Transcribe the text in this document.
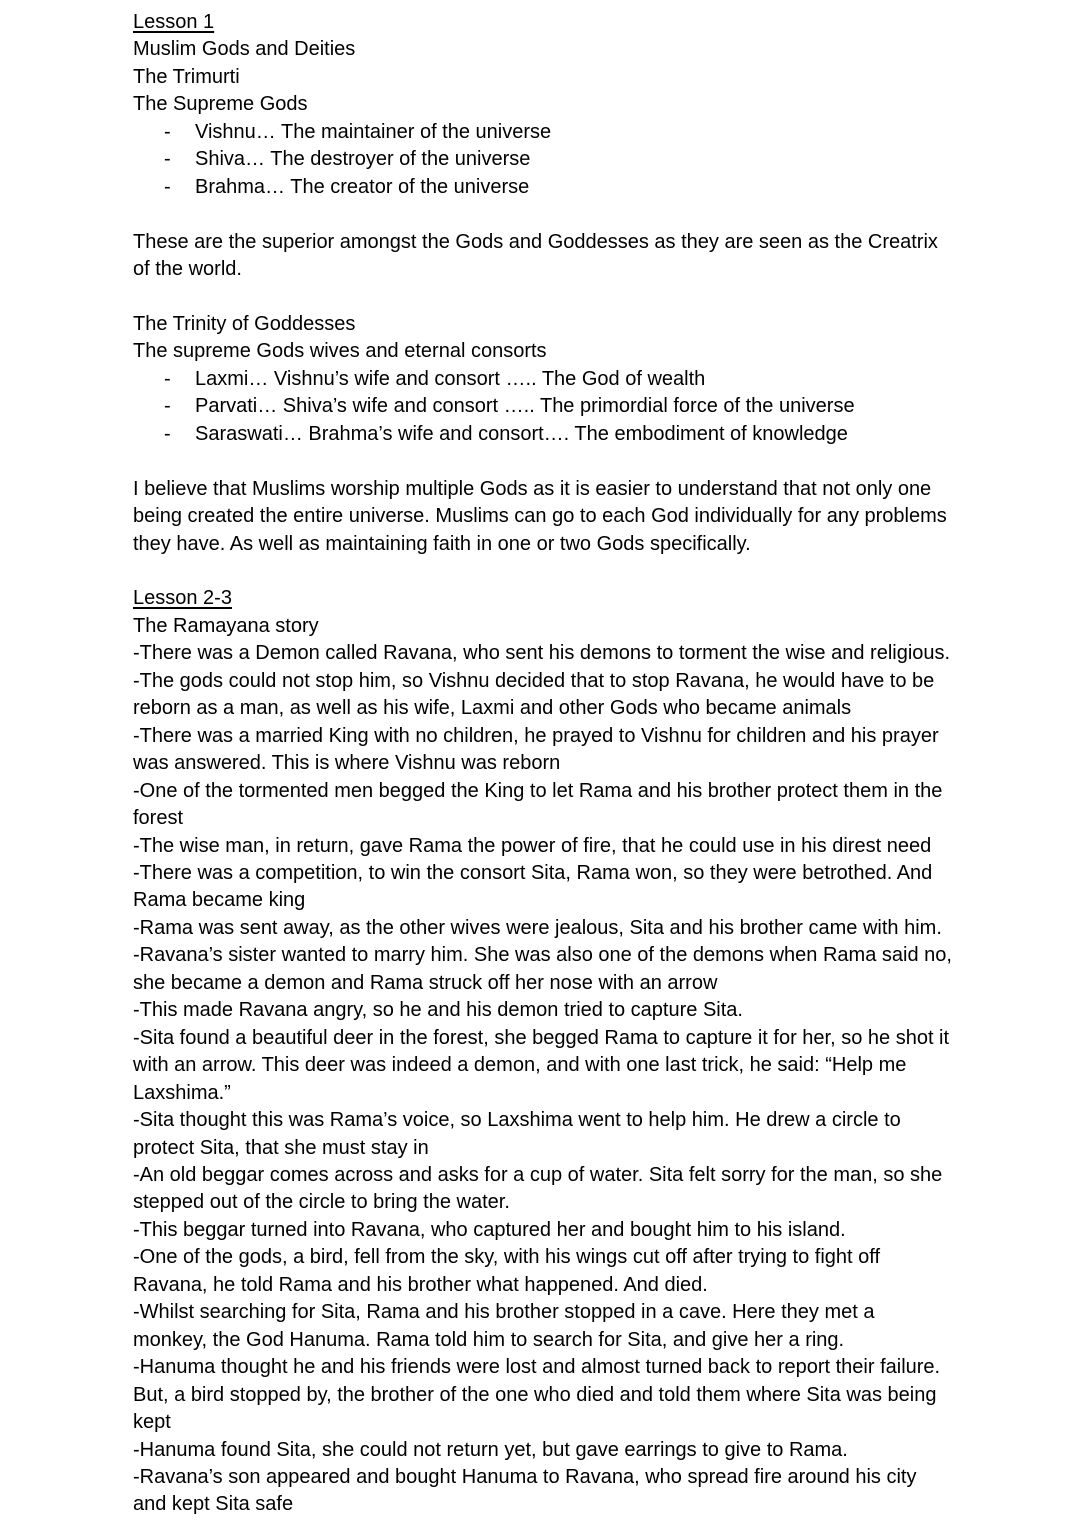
Lesson 1
Muslim Gods and Deities
The Trimurti
The Supreme Gods
- Vishnu… The maintainer of the universe
- Shiva… The destroyer of the universe
- Brahma… The creator of the universe

These are the superior amongst the Gods and Goddesses as they are seen as the Creatrix of the world.

The Trinity of Goddesses
The supreme Gods wives and eternal consorts
- Laxmi… Vishnu’s wife and consort ….. The God of wealth
- Parvati… Shiva’s wife and consort ….. The primordial force of the universe
- Saraswati… Brahma’s wife and consort…. The embodiment of knowledge

I believe that Muslims worship multiple Gods as it is easier to understand that not only one being created the entire universe. Muslims can go to each God individually for any problems they have. As well as maintaining faith in one or two Gods specifically.

Lesson 2-3
The Ramayana story

-There was a Demon called Ravana, who sent his demons to torment the wise and religious.

-The gods could not stop him, so Vishnu decided that to stop Ravana, he would have to be reborn as a man, as well as his wife, Laxmi and other Gods who became animals

-There was a married King with no children, he prayed to Vishnu for children and his prayer was answered. This is where Vishnu was reborn

-One of the tormented men begged the King to let Rama and his brother protect them in the forest

-The wise man, in return, gave Rama the power of fire, that he could use in his direst need

-There was a competition, to win the consort Sita, Rama won, so they were betrothed. And Rama became king

-Rama was sent away, as the other wives were jealous, Sita and his brother came with him.

-Ravana’s sister wanted to marry him. She was also one of the demons when Rama said no, she became a demon and Rama struck off her nose with an arrow

-This made Ravana angry, so he and his demon tried to capture Sita.

-Sita found a beautiful deer in the forest, she begged Rama to capture it for her, so he shot it with an arrow. This deer was indeed a demon, and with one last trick, he said: “Help me Laxshima.”

-Sita thought this was Rama’s voice, so Laxshima went to help him. He drew a circle to protect Sita, that she must stay in

-An old beggar comes across and asks for a cup of water. Sita felt sorry for the man, so she stepped out of the circle to bring the water.

-This beggar turned into Ravana, who captured her and bought him to his island.

-One of the gods, a bird, fell from the sky, with his wings cut off after trying to fight off Ravana, he told Rama and his brother what happened. And died.

-Whilst searching for Sita, Rama and his brother stopped in a cave. Here they met a monkey, the God Hanuma. Rama told him to search for Sita, and give her a ring.

-Hanuma thought he and his friends were lost and almost turned back to report their failure. But, a bird stopped by, the brother of the one who died and told them where Sita was being kept

-Hanuma found Sita, she could not return yet, but gave earrings to give to Rama.

-Ravana’s son appeared and bought Hanuma to Ravana, who spread fire around his city and kept Sita safe
